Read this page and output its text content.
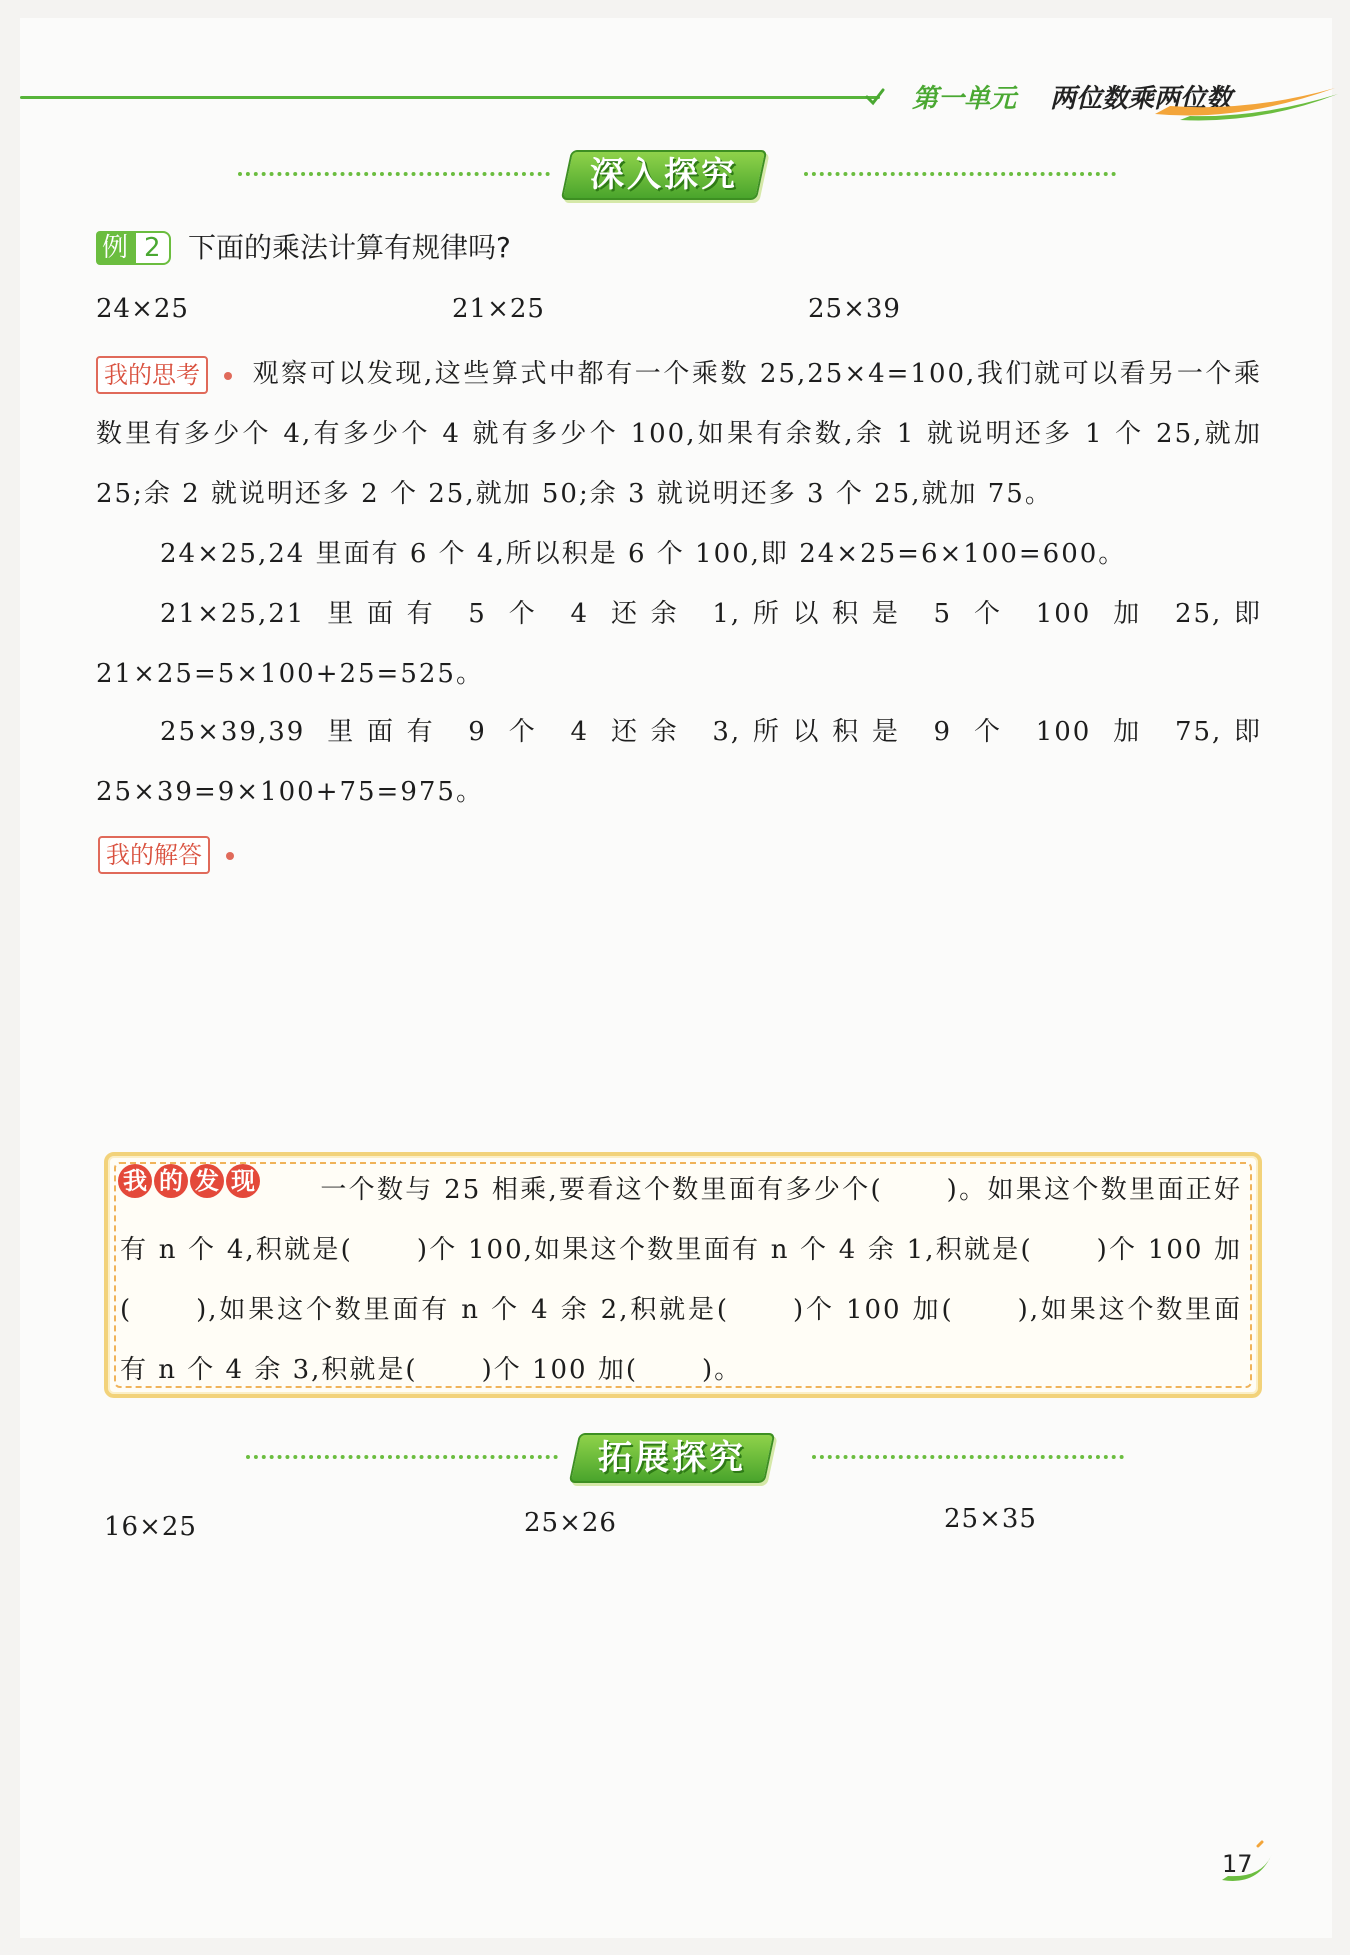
第一单元 两位数乘两位数
深入探究
例 2 下面的乘法计算有规律吗?
24×25	21×25	25×39
我的思考	观察可以发现,这些算式中都有一个乘数 25,25×4=100,我们就可以看另一个乘数里有多少个 4,有多少个 4 就有多少个 100,如果有余数,余 1 就说明还多 1 个 25,就加 25;余 2 就说明还多 2 个 25,就加 50;余 3 就说明还多 3 个 25,就加 75。

24×25,24 里面有 6 个 4,所以积是 6 个 100,即 24×25=6×100=600。

21×25,21 里面有 5 个 4 还余 1,所以积是 5 个 100 加 25,即 21×25=5×100+25=525。

25×39,39 里面有 9 个 4 还余 3,所以积是 9 个 100 加 75,即 25×39=9×100+75=975。

我的解答
我 的 发 现	一个数与 25 相乘,要看这个数里面有多少个( )。如果这个数里面正好有 n 个 4,积就是( )个 100,如果这个数里面有 n 个 4 余 1,积就是( )个 100 加( ),如果这个数里面有 n 个 4 余 2,积就是( )个 100 加( ),如果这个数里面有 n 个 4 余 3,积就是( )个 100 加( )。

拓展探究
16×25	25×26	25×35
17
